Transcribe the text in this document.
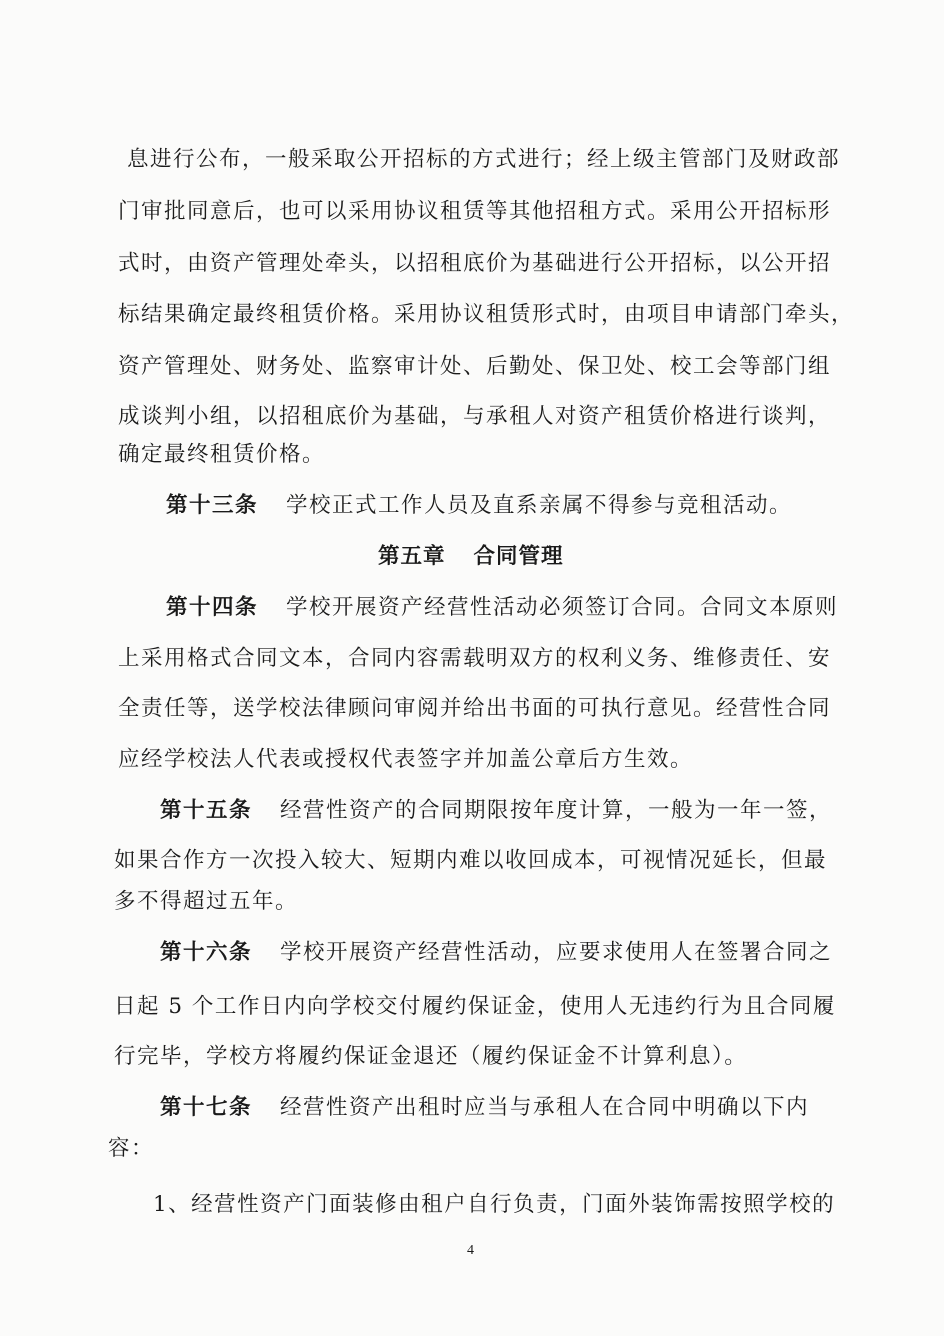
息进行公布，一般采取公开招标的方式进行；经上级主管部门及财政部
门审批同意后，也可以采用协议租赁等其他招租方式。采用公开招标形
式时，由资产管理处牵头，以招租底价为基础进行公开招标，以公开招
标结果确定最终租赁价格。采用协议租赁形式时，由项目申请部门牵头，
资产管理处、财务处、监察审计处、后勤处、保卫处、校工会等部门组
成谈判小组，以招租底价为基础，与承租人对资产租赁价格进行谈判，
确定最终租赁价格。
第十三条 学校正式工作人员及直系亲属不得参与竞租活动。
第五章 合同管理
第十四条 学校开展资产经营性活动必须签订合同。合同文本原则
上采用格式合同文本，合同内容需载明双方的权利义务、维修责任、安
全责任等，送学校法律顾问审阅并给出书面的可执行意见。经营性合同
应经学校法人代表或授权代表签字并加盖公章后方生效。
第十五条 经营性资产的合同期限按年度计算，一般为一年一签，
如果合作方一次投入较大、短期内难以收回成本，可视情况延长，但最
多不得超过五年。
第十六条 学校开展资产经营性活动，应要求使用人在签署合同之
日起 5 个工作日内向学校交付履约保证金，使用人无违约行为且合同履
行完毕，学校方将履约保证金退还（履约保证金不计算利息）。
第十七条 经营性资产出租时应当与承租人在合同中明确以下内
容：
1、经营性资产门面装修由租户自行负责，门面外装饰需按照学校的
4
